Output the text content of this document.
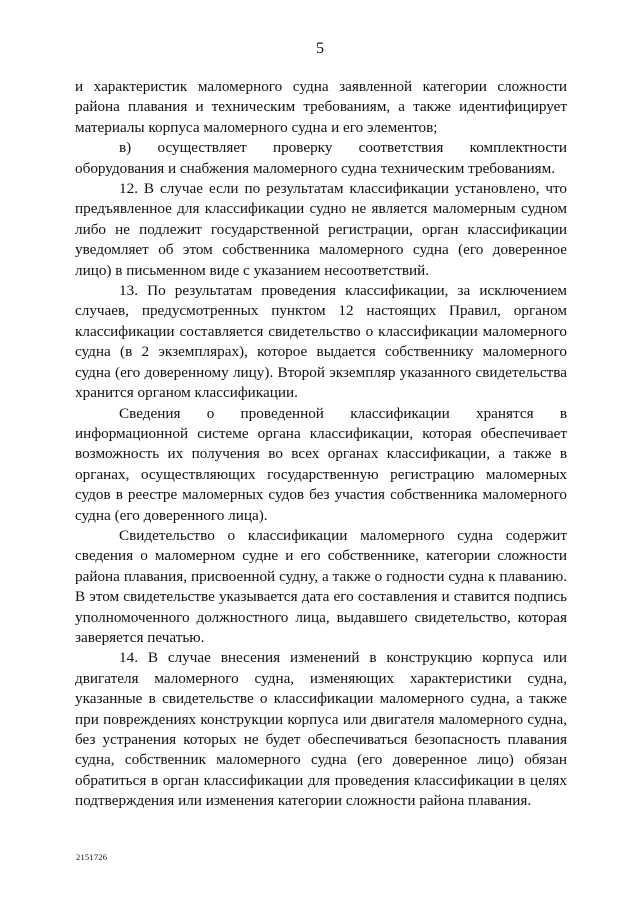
5

и характеристик маломерного судна заявленной категории сложности района плавания и техническим требованиям, а также идентифицирует материалы корпуса маломерного судна и его элементов;

в) осуществляет проверку соответствия комплектности оборудования и снабжения маломерного судна техническим требованиям.

12. В случае если по результатам классификации установлено, что предъявленное для классификации судно не является маломерным судном либо не подлежит государственной регистрации, орган классификации уведомляет об этом собственника маломерного судна (его доверенное лицо) в письменном виде с указанием несоответствий.

13. По результатам проведения классификации, за исключением случаев, предусмотренных пунктом 12 настоящих Правил, органом классификации составляется свидетельство о классификации маломерного судна (в 2 экземплярах), которое выдается собственнику маломерного судна (его доверенному лицу). Второй экземпляр указанного свидетельства хранится органом классификации.

Сведения о проведенной классификации хранятся в информационной системе органа классификации, которая обеспечивает возможность их получения во всех органах классификации, а также в органах, осуществляющих государственную регистрацию маломерных судов в реестре маломерных судов без участия собственника маломерного судна (его доверенного лица).

Свидетельство о классификации маломерного судна содержит сведения о маломерном судне и его собственнике, категории сложности района плавания, присвоенной судну, а также о годности судна к плаванию. В этом свидетельстве указывается дата его составления и ставится подпись уполномоченного должностного лица, выдавшего свидетельство, которая заверяется печатью.

14. В случае внесения изменений в конструкцию корпуса или двигателя маломерного судна, изменяющих характеристики судна, указанные в свидетельстве о классификации маломерного судна, а также при повреждениях конструкции корпуса или двигателя маломерного судна, без устранения которых не будет обеспечиваться безопасность плавания судна, собственник маломерного судна (его доверенное лицо) обязан обратиться в орган классификации для проведения классификации в целях подтверждения или изменения категории сложности района плавания.

2151726
